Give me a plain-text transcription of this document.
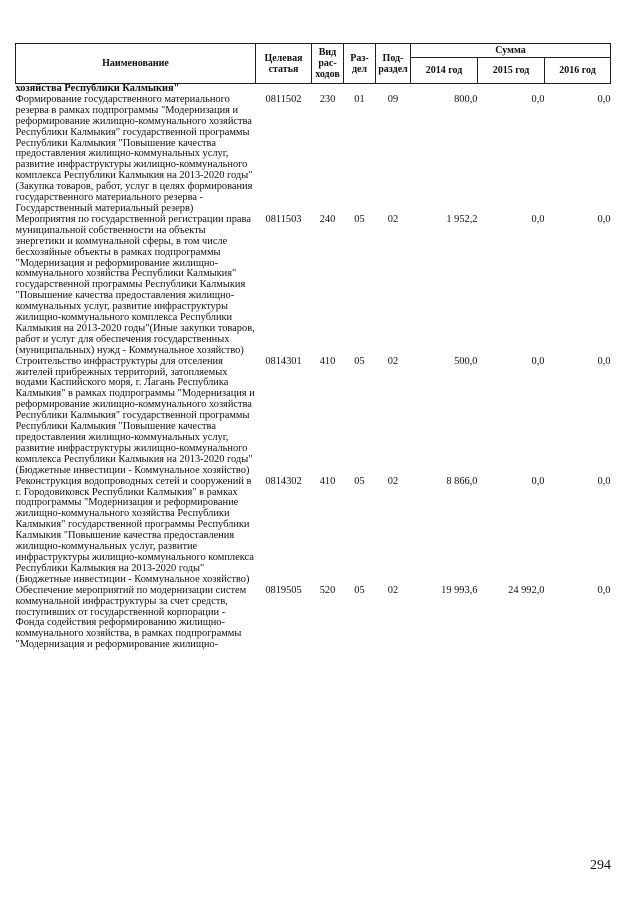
Наименование	Целевая статья	Вид рас- ходов	Раз- дел	Под- раздел	Сумма		
					2014 год	2015 год	2016 год
хозяйства Республики Калмыкия"							
Формирование государственного материального резерва в рамках подпрограммы "Модернизация и реформирование жилищно-коммунального хозяйства Республики Калмыкия" государственной программы Республики Калмыкия "Повышение качества предоставления жилищно-коммунальных услуг, развитие инфраструктуры жилищно-коммунального комплекса Республики Калмыкия на 2013-2020 годы"(Закупка товаров, работ, услуг в целях формирования государственного материального резерва - Государственный материальный резерв)	0811502	230	01	09	800,0	0,0	0,0
Мероприятия по государственной регистрации права муниципальной собственности на объекты энергетики и коммунальной сферы, в том числе бесхозяйные объекты в рамках подпрограммы "Модернизация и реформирование жилищно-коммунального хозяйства Республики Калмыкия" государственной программы Республики Калмыкия "Повышение качества предоставления жилищно-коммунальных услуг, развитие инфраструктуры жилищно-коммунального комплекса Республики Калмыкия на 2013-2020 годы"(Иные закупки товаров, работ и услуг для обеспечения государственных (муниципальных) нужд - Коммунальное хозяйство)	0811503	240	05	02	1 952,2	0,0	0,0
Строительство инфраструктуры для отселения жителей прибрежных территорий, затопляемых водами Каспийского моря, г. Лагань Республика Калмыкия" в рамках подпрограммы "Модернизация и реформирование жилищно-коммунального хозяйства Республики Калмыкия" государственной программы Республики Калмыкия "Повышение качества предоставления жилищно-коммунальных услуг, развитие инфраструктуры жилищно-коммунального комплекса Республики Калмыкия на 2013-2020 годы"(Бюджетные инвестиции - Коммунальное хозяйство)	0814301	410	05	02	500,0	0,0	0,0
Реконструкция водопроводных сетей и сооружений в г. Городовиковск Республики Калмыкия" в рамках подпрограммы "Модернизация и реформирование жилищно-коммунального хозяйства Республики Калмыкия" государственной программы Республики Калмыкия "Повышение качества предоставления жилищно-коммунальных услуг, развитие инфраструктуры жилищно-коммунального комплекса Республики Калмыкия на 2013-2020 годы"(Бюджетные инвестиции - Коммунальное хозяйство)	0814302	410	05	02	8 866,0	0,0	0,0
Обеспечение мероприятий по модернизации систем коммунальной инфраструктуры за счет средств, поступивших от государственной корпорации - Фонда содействия реформированию жилищно-коммунального хозяйства, в рамках подпрограммы "Модернизация и реформирование жилищно-	0819505	520	05	02	19 993,6	24 992,0	0,0
294
